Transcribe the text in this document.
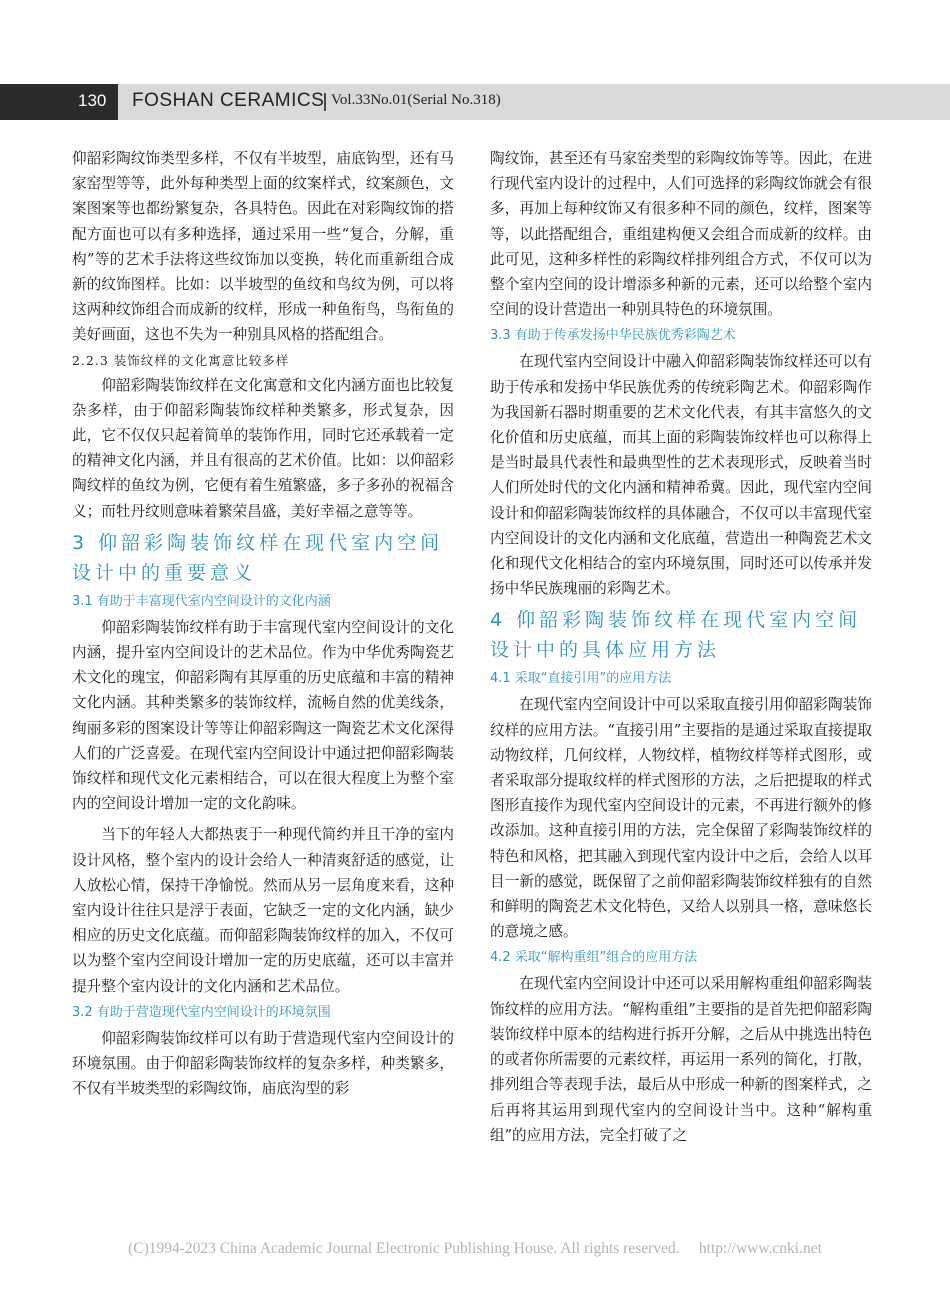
130 FOSHAN CERAMICS Vol.33No.01(Serial No.318)

仰韶彩陶纹饰类型多样，不仅有半坡型，庙底钩型，还有马家窑型等等，此外每种类型上面的纹案样式，纹案颜色，文案图案等也都纷繁复杂，各具特色。因此在对彩陶纹饰的搭配方面也可以有多种选择，通过采用一些“复合，分解，重构”等的艺术手法将这些纹饰加以变换，转化而重新组合成新的纹饰图样。比如：以半坡型的鱼纹和鸟纹为例，可以将这两种纹饰组合而成新的纹样，形成一种鱼衔鸟，鸟衔鱼的美好画面，这也不失为一种别具风格的搭配组合。

2.2.3 装饰纹样的文化寓意比较多样

仰韶彩陶装饰纹样在文化寓意和文化内涵方面也比较复杂多样，由于仰韶彩陶装饰纹样种类繁多，形式复杂，因此，它不仅仅只起着简单的装饰作用，同时它还承载着一定的精神文化内涵，并且有很高的艺术价值。比如：以仰韶彩陶纹样的鱼纹为例，它便有着生殖繁盛，多子多孙的祝福含义；而牡丹纹则意味着繁荣昌盛，美好幸福之意等等。

3 仰韶彩陶装饰纹样在现代室内空间设计中的重要意义
3.1 有助于丰富现代室内空间设计的文化内涵

仰韶彩陶装饰纹样有助于丰富现代室内空间设计的文化内涵，提升室内空间设计的艺术品位。作为中华优秀陶瓷艺术文化的瑰宝，仰韶彩陶有其厚重的历史底蕴和丰富的精神文化内涵。其种类繁多的装饰纹样，流畅自然的优美线条，绚丽多彩的图案设计等等让仰韶彩陶这一陶瓷艺术文化深得人们的广泛喜爱。在现代室内空间设计中通过把仰韶彩陶装饰纹样和现代文化元素相结合，可以在很大程度上为整个室内的空间设计增加一定的文化韵味。

当下的年轻人大都热衷于一种现代简约并且干净的室内设计风格，整个室内的设计会给人一种清爽舒适的感觉，让人放松心情，保持干净愉悦。然而从另一层角度来看，这种室内设计往往只是浮于表面，它缺乏一定的文化内涵，缺少相应的历史文化底蕴。而仰韶彩陶装饰纹样的加入，不仅可以为整个室内空间设计增加一定的历史底蕴，还可以丰富并提升整个室内设计的文化内涵和艺术品位。

3.2 有助于营造现代室内空间设计的环境氛围

仰韶彩陶装饰纹样可以有助于营造现代室内空间设计的环境氛围。由于仰韶彩陶装饰纹样的复杂多样，种类繁多，不仅有半坡类型的彩陶纹饰，庙底沟型的彩

陶纹饰，甚至还有马家窑类型的彩陶纹饰等等。因此，在进行现代室内设计的过程中，人们可选择的彩陶纹饰就会有很多，再加上每种纹饰又有很多种不同的颜色，纹样，图案等等，以此搭配组合，重组建构便又会组合而成新的纹样。由此可见，这种多样性的彩陶纹样排列组合方式，不仅可以为整个室内空间的设计增添多种新的元素，还可以给整个室内空间的设计营造出一种别具特色的环境氛围。

3.3 有助于传承发扬中华民族优秀彩陶艺术

在现代室内空间设计中融入仰韶彩陶装饰纹样还可以有助于传承和发扬中华民族优秀的传统彩陶艺术。仰韶彩陶作为我国新石器时期重要的艺术文化代表，有其丰富悠久的文化价值和历史底蕴，而其上面的彩陶装饰纹样也可以称得上是当时最具代表性和最典型性的艺术表现形式，反映着当时人们所处时代的文化内涵和精神希冀。因此，现代室内空间设计和仰韶彩陶装饰纹样的具体融合，不仅可以丰富现代室内空间设计的文化内涵和文化底蕴，营造出一种陶瓷艺术文化和现代文化相结合的室内环境氛围，同时还可以传承并发扬中华民族瑰丽的彩陶艺术。

4 仰韶彩陶装饰纹样在现代室内空间设计中的具体应用方法
4.1 采取“直接引用”的应用方法

在现代室内空间设计中可以采取直接引用仰韶彩陶装饰纹样的应用方法。“直接引用”主要指的是通过采取直接提取动物纹样，几何纹样，人物纹样，植物纹样等样式图形，或者采取部分提取纹样的样式图形的方法，之后把提取的样式图形直接作为现代室内空间设计的元素，不再进行额外的修改添加。这种直接引用的方法，完全保留了彩陶装饰纹样的特色和风格，把其融入到现代室内设计中之后，会给人以耳目一新的感觉，既保留了之前仰韶彩陶装饰纹样独有的自然和鲜明的陶瓷艺术文化特色，又给人以别具一格，意味悠长的意境之感。

4.2 采取“解构重组”组合的应用方法

在现代室内空间设计中还可以采用解构重组仰韶彩陶装饰纹样的应用方法。“解构重组”主要指的是首先把仰韶彩陶装饰纹样中原本的结构进行拆开分解，之后从中挑选出特色的或者你所需要的元素纹样，再运用一系列的简化，打散，排列组合等表现手法，最后从中形成一种新的图案样式，之后再将其运用到现代室内的空间设计当中。这种“解构重组”的应用方法，完全打破了之

(C)1994-2023 China Academic Journal Electronic Publishing House. All rights reserved. http://www.cnki.net
